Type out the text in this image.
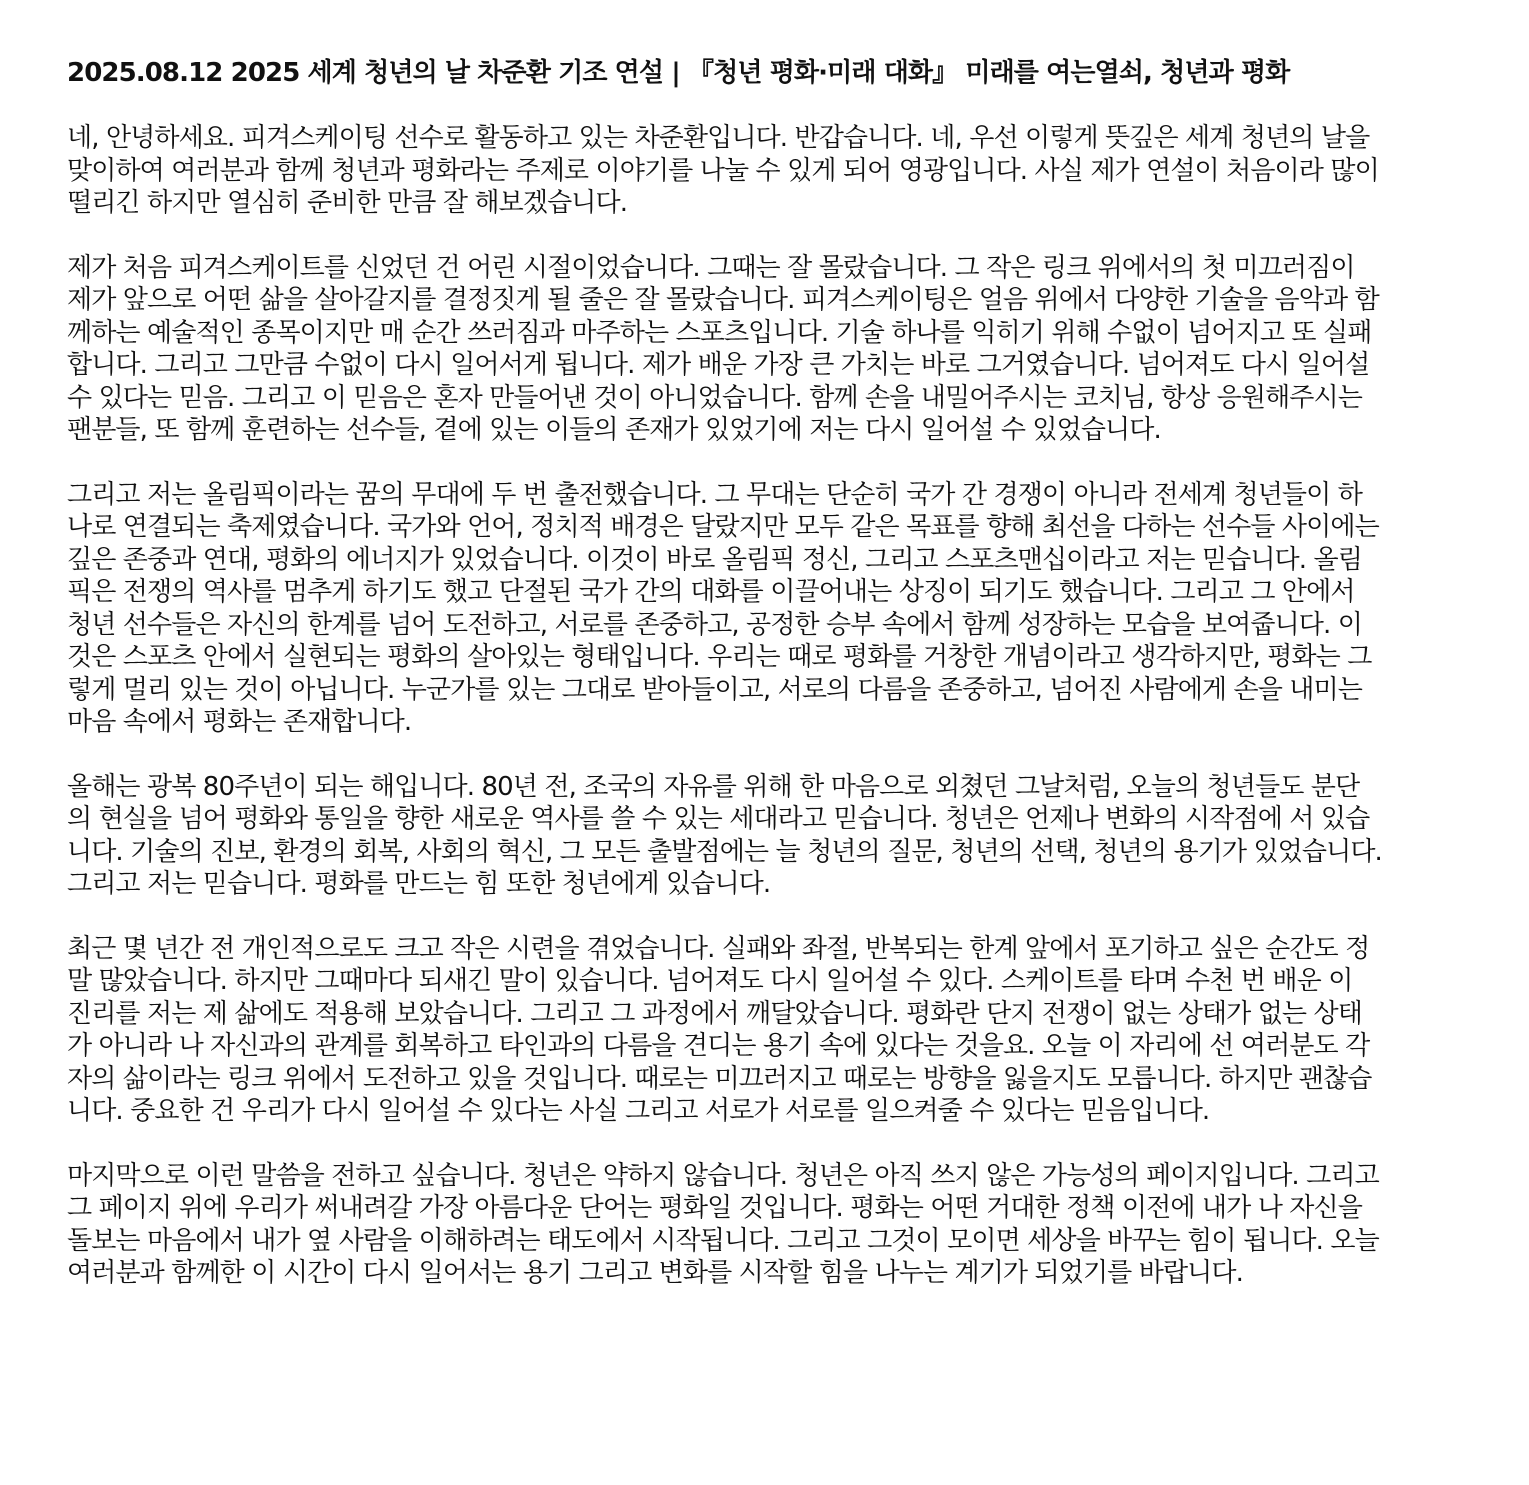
2025.08.12 2025 세계 청년의 날 차준환 기조 연설 | 『청년 평화·미래 대화』 미래를 여는열쇠, 청년과 평화

네, 안녕하세요. 피겨스케이팅 선수로 활동하고 있는 차준환입니다. 반갑습니다. 네, 우선 이렇게 뜻깊은 세계 청년의 날을
맞이하여 여러분과 함께 청년과 평화라는 주제로 이야기를 나눌 수 있게 되어 영광입니다. 사실 제가 연설이 처음이라 많이
떨리긴 하지만 열심히 준비한 만큼 잘 해보겠습니다.

제가 처음 피겨스케이트를 신었던 건 어린 시절이었습니다. 그때는 잘 몰랐습니다. 그 작은 링크 위에서의 첫 미끄러짐이
제가 앞으로 어떤 삶을 살아갈지를 결정짓게 될 줄은 잘 몰랐습니다. 피겨스케이팅은 얼음 위에서 다양한 기술을 음악과 함
께하는 예술적인 종목이지만 매 순간 쓰러짐과 마주하는 스포츠입니다. 기술 하나를 익히기 위해 수없이 넘어지고 또 실패
합니다. 그리고 그만큼 수없이 다시 일어서게 됩니다. 제가 배운 가장 큰 가치는 바로 그거였습니다. 넘어져도 다시 일어설
수 있다는 믿음. 그리고 이 믿음은 혼자 만들어낸 것이 아니었습니다. 함께 손을 내밀어주시는 코치님, 항상 응원해주시는
팬분들, 또 함께 훈련하는 선수들, 곁에 있는 이들의 존재가 있었기에 저는 다시 일어설 수 있었습니다.

그리고 저는 올림픽이라는 꿈의 무대에 두 번 출전했습니다. 그 무대는 단순히 국가 간 경쟁이 아니라 전세계 청년들이 하
나로 연결되는 축제였습니다. 국가와 언어, 정치적 배경은 달랐지만 모두 같은 목표를 향해 최선을 다하는 선수들 사이에는
깊은 존중과 연대, 평화의 에너지가 있었습니다. 이것이 바로 올림픽 정신, 그리고 스포츠맨십이라고 저는 믿습니다. 올림
픽은 전쟁의 역사를 멈추게 하기도 했고 단절된 국가 간의 대화를 이끌어내는 상징이 되기도 했습니다. 그리고 그 안에서
청년 선수들은 자신의 한계를 넘어 도전하고, 서로를 존중하고, 공정한 승부 속에서 함께 성장하는 모습을 보여줍니다. 이
것은 스포츠 안에서 실현되는 평화의 살아있는 형태입니다. 우리는 때로 평화를 거창한 개념이라고 생각하지만, 평화는 그
렇게 멀리 있는 것이 아닙니다. 누군가를 있는 그대로 받아들이고, 서로의 다름을 존중하고, 넘어진 사람에게 손을 내미는
마음 속에서 평화는 존재합니다.

올해는 광복 80주년이 되는 해입니다. 80년 전, 조국의 자유를 위해 한 마음으로 외쳤던 그날처럼, 오늘의 청년들도 분단
의 현실을 넘어 평화와 통일을 향한 새로운 역사를 쓸 수 있는 세대라고 믿습니다. 청년은 언제나 변화의 시작점에 서 있습
니다. 기술의 진보, 환경의 회복, 사회의 혁신, 그 모든 출발점에는 늘 청년의 질문, 청년의 선택, 청년의 용기가 있었습니다.
그리고 저는 믿습니다. 평화를 만드는 힘 또한 청년에게 있습니다.

최근 몇 년간 전 개인적으로도 크고 작은 시련을 겪었습니다. 실패와 좌절, 반복되는 한계 앞에서 포기하고 싶은 순간도 정
말 많았습니다. 하지만 그때마다 되새긴 말이 있습니다. 넘어져도 다시 일어설 수 있다. 스케이트를 타며 수천 번 배운 이
진리를 저는 제 삶에도 적용해 보았습니다. 그리고 그 과정에서 깨달았습니다. 평화란 단지 전쟁이 없는 상태가 없는 상태
가 아니라 나 자신과의 관계를 회복하고 타인과의 다름을 견디는 용기 속에 있다는 것을요. 오늘 이 자리에 선 여러분도 각
자의 삶이라는 링크 위에서 도전하고 있을 것입니다. 때로는 미끄러지고 때로는 방향을 잃을지도 모릅니다. 하지만 괜찮습
니다. 중요한 건 우리가 다시 일어설 수 있다는 사실 그리고 서로가 서로를 일으켜줄 수 있다는 믿음입니다.

마지막으로 이런 말씀을 전하고 싶습니다. 청년은 약하지 않습니다. 청년은 아직 쓰지 않은 가능성의 페이지입니다. 그리고
그 페이지 위에 우리가 써내려갈 가장 아름다운 단어는 평화일 것입니다. 평화는 어떤 거대한 정책 이전에 내가 나 자신을
돌보는 마음에서 내가 옆 사람을 이해하려는 태도에서 시작됩니다. 그리고 그것이 모이면 세상을 바꾸는 힘이 됩니다. 오늘
여러분과 함께한 이 시간이 다시 일어서는 용기 그리고 변화를 시작할 힘을 나누는 계기가 되었기를 바랍니다.
